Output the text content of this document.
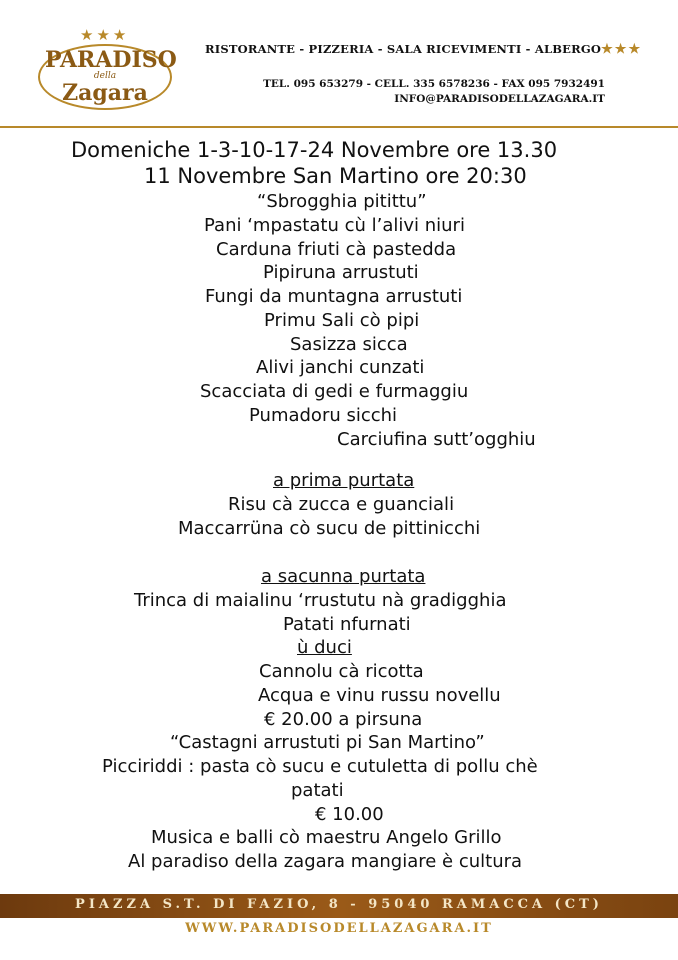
★★★
PARADISO
della
Zagara
RISTORANTE - PIZZERIA - SALA RICEVIMENTI - ALBERGO★★★
TEL. 095 653279 - CELL. 335 6578236 - FAX 095 7932491
INFO@PARADISODELLAZAGARA.IT
Domeniche 1-3-10-17-24 Novembre ore 13.30
11 Novembre San Martino ore 20:30
“Sbrogghia pitittu”
Pani ‘mpastatu cù l’alivi niuri
Carduna friuti cà pastedda
Pipiruna arrustuti
Fungi da muntagna arrustuti
Primu Sali cò pipi
Sasizza sicca
Alivi janchi cunzati
Scacciata di gedi e furmaggiu
Pumadoru sicchi
Carciufina sutt’ogghiu
a prima purtata
Risu cà zucca e guanciali
Maccarrüna cò sucu de pittinicchi
a sacunna purtata
Trinca di maialinu ‘rrustutu nà gradigghia
Patati nfurnati
ù duci
Cannolu cà ricotta
Acqua e vinu russu novellu
€ 20.00 a pirsuna
“Castagni arrustuti pi San Martino”
Picciriddi : pasta cò sucu e cutuletta di pollu chè
patati
€ 10.00
Musica e balli cò maestru Angelo Grillo
Al paradiso della zagara mangiare è cultura
PIAZZA S.T. DI FAZIO, 8 - 95040 RAMACCA (CT)
WWW.PARADISODELLAZAGARA.IT
